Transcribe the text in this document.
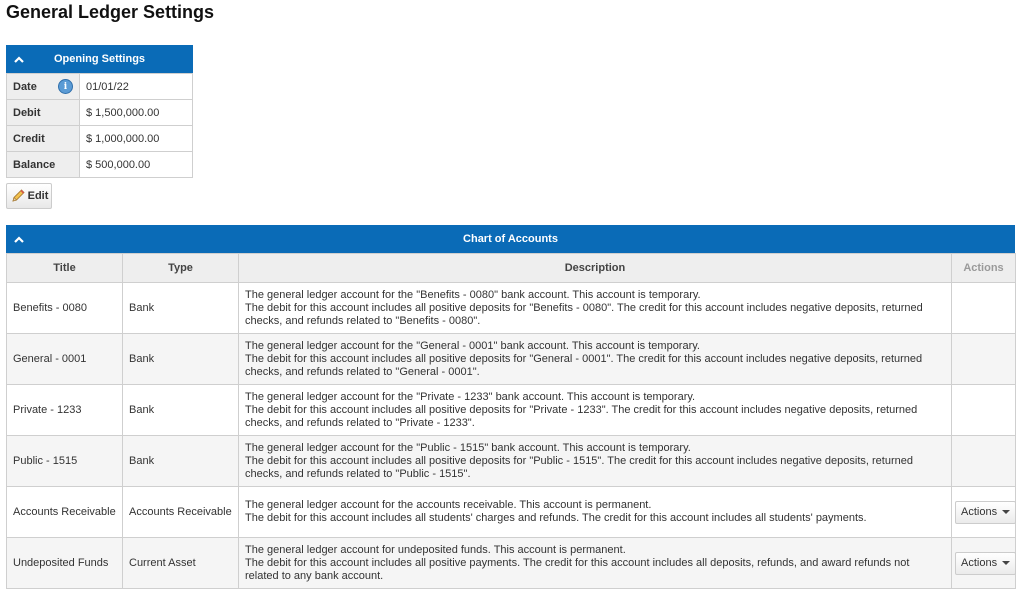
General Ledger Settings
Opening Settings
Date i	01/01/22
Debit	$ 1,500,000.00
Credit	$ 1,000,000.00
Balance	$ 500,000.00
Edit
Chart of Accounts
Title	Type	Description	Actions
Benefits - 0080	Bank	The general ledger account for the "Benefits - 0080" bank account. This account is temporary.
The debit for this account includes all positive deposits for "Benefits - 0080". The credit for this account includes negative deposits, returned checks, and refunds related to "Benefits - 0080".	

General - 0001	Bank	The general ledger account for the "General - 0001" bank account. This account is temporary.
The debit for this account includes all positive deposits for "General - 0001". The credit for this account includes negative deposits, returned checks, and refunds related to "General - 0001".	

Private - 1233	Bank	The general ledger account for the "Private - 1233" bank account. This account is temporary.
The debit for this account includes all positive deposits for "Private - 1233". The credit for this account includes negative deposits, returned checks, and refunds related to "Private - 1233".	

Public - 1515	Bank	The general ledger account for the "Public - 1515" bank account. This account is temporary.
The debit for this account includes all positive deposits for "Public - 1515". The credit for this account includes negative deposits, returned checks, and refunds related to "Public - 1515".	

Accounts Receivable	Accounts Receivable	The general ledger account for the accounts receivable. This account is permanent.
The debit for this account includes all students' charges and refunds. The credit for this account includes all students' payments.	Actions

Undeposited Funds	Current Asset	The general ledger account for undeposited funds. This account is permanent.
The debit for this account includes all positive payments. The credit for this account includes all deposits, refunds, and award refunds not related to any bank account.	Actions
